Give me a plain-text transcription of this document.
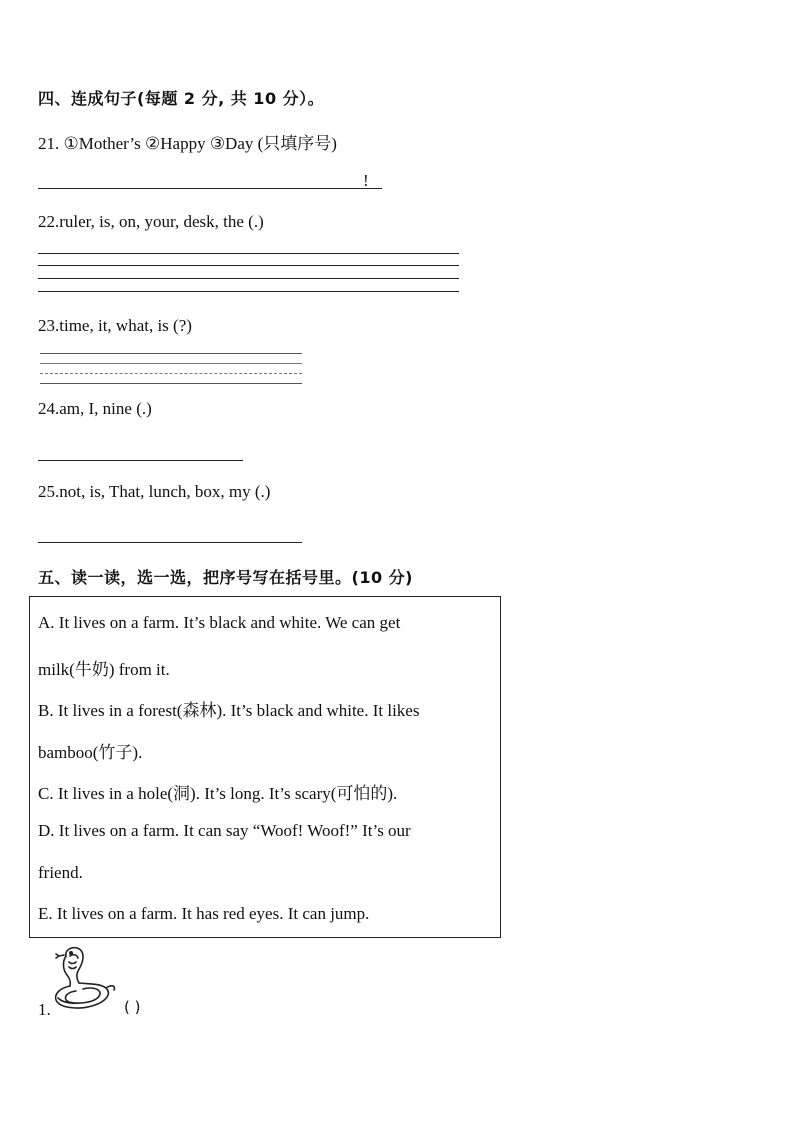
四、连成句子(每题 2 分, 共 10 分）。
21. ①Mother’s ②Happy ③Day (只填序号)
!
22.ruler, is, on, your, desk, the (.)
23.time, it, what, is (?)
24.am, I, nine (.)
25.not, is, That, lunch, box, my (.)
五、读一读，选一选，把序号写在括号里。(10 分)
A. It lives on a farm. It’s black and white. We can get
milk(牛奶) from it.
B. It lives in a forest(森林). It’s black and white. It likes
bamboo(竹子).
C. It lives in a hole(洞). It’s long. It’s scary(可怕的).
D. It lives on a farm. It can say “Woof! Woof!” It’s our
friend.
E. It lives on a farm. It has red eyes. It can jump.
1.	( )
